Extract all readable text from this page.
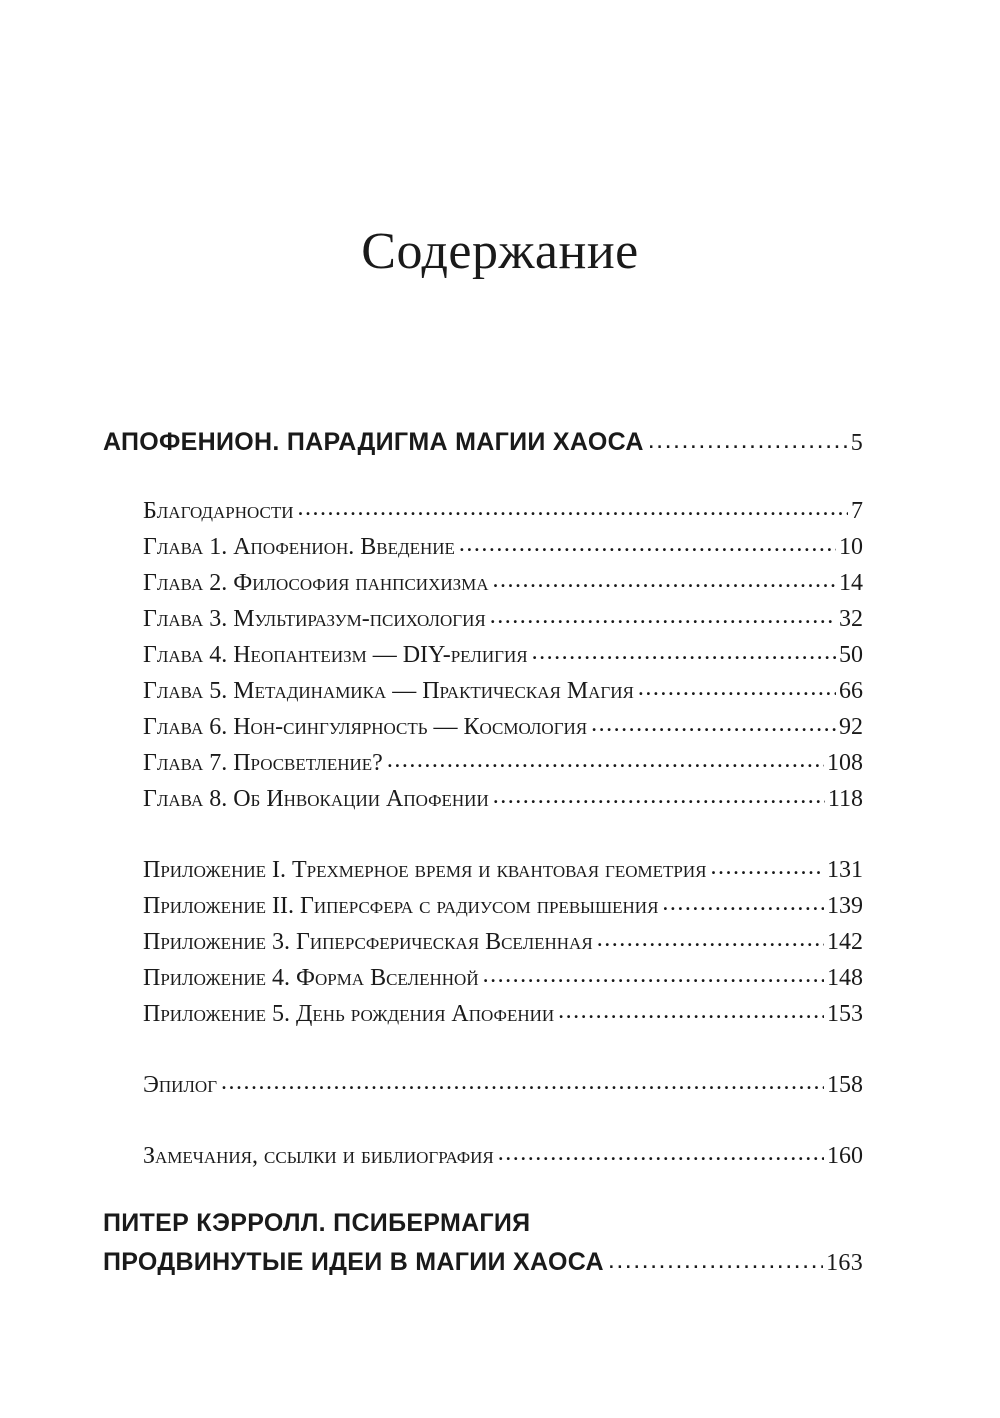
Содержание
АПОФЕНИОН. ПАРАДИГМА МАГИИ ХАОСА .....	5
Благодарности .....	7
Глава 1. Апофенион. Введение .....	10
Глава 2. Философия панпсихизма .....	14
Глава 3. Мультиразум-психология .....	32
Глава 4. Неопантеизм — DIY-религия .....	50
Глава 5. Метадинамика — Практическая Магия .....	66
Глава 6. Нон-сингулярность — Космология .....	92
Глава 7. Просветление? .....	108
Глава 8. Об Инвокации Апофении .....	118
Приложение I. Трехмерное время и квантовая геометрия .....	131
Приложение II. Гиперсфера с радиусом превышения .....	139
Приложение 3. Гиперсферическая Вселенная .....	142
Приложение 4. Форма Вселенной .....	148
Приложение 5. День рождения Апофении .....	153
Эпилог .....	158
Замечания, ссылки и библиография .....	160
ПИТЕР КЭРРОЛЛ. ПСИБЕРМАГИЯ
ПРОДВИНУТЫЕ ИДЕИ В МАГИИ ХАОСА .....	163
